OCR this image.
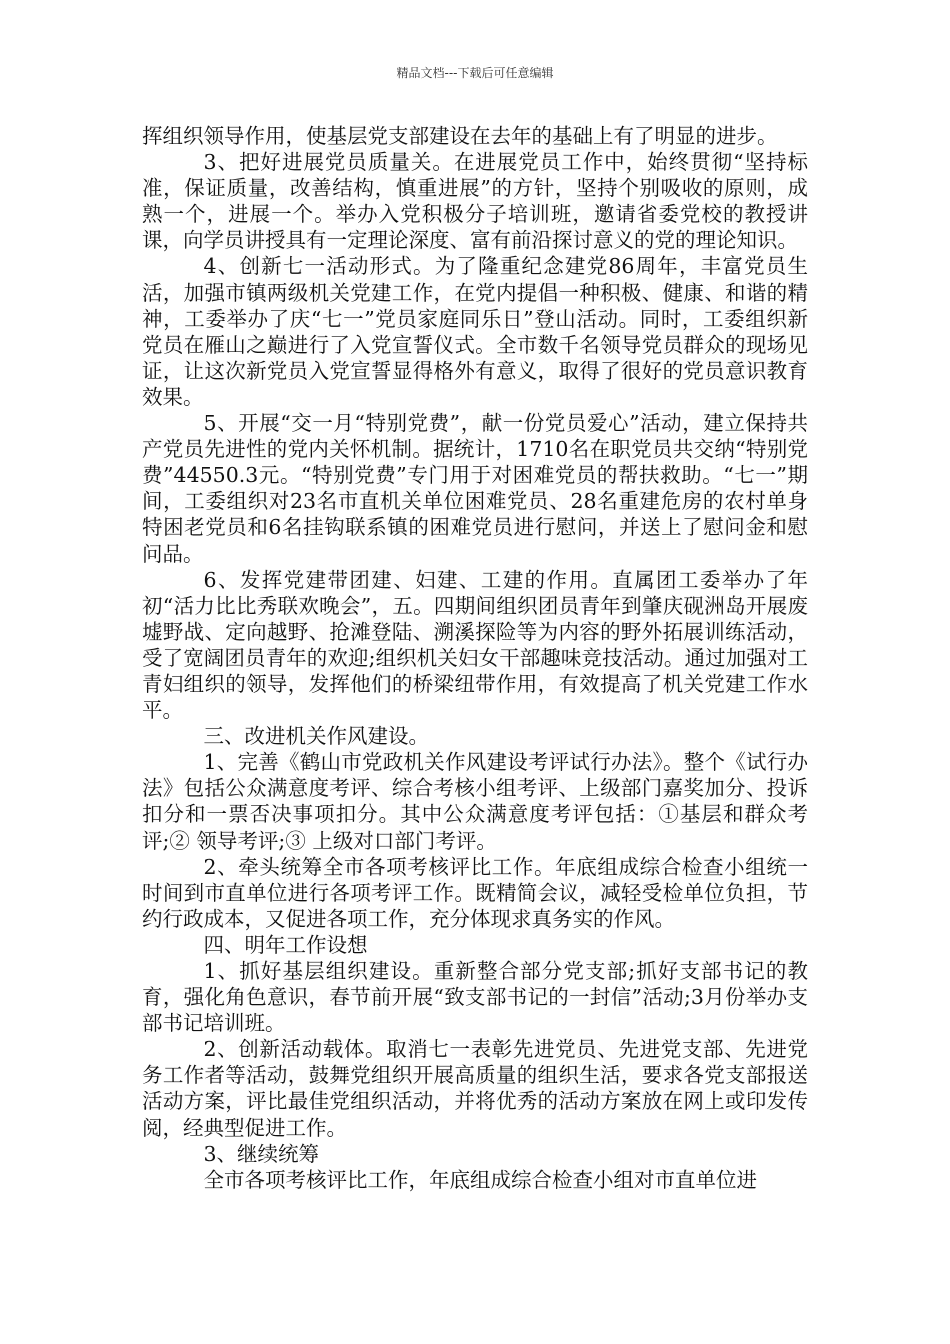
精品文档---下载后可任意编辑

挥组织领导作用，使基层党支部建设在去年的基础上有了明显的进步。

3、把好进展党员质量关。在进展党员工作中，始终贯彻“坚持标准，保证质量，改善结构，慎重进展”的方针，坚持个别吸收的原则，成熟一个，进展一个。举办入党积极分子培训班，邀请省委党校的教授讲课，向学员讲授具有一定理论深度、富有前沿探讨意义的党的理论知识。

4、创新七一活动形式。为了隆重纪念建党86周年，丰富党员生活，加强市镇两级机关党建工作，在党内提倡一种积极、健康、和谐的精神，工委举办了庆“七一”党员家庭同乐日”登山活动。同时，工委组织新党员在雁山之巅进行了入党宣誓仪式。全市数千名领导党员群众的现场见证，让这次新党员入党宣誓显得格外有意义，取得了很好的党员意识教育效果。

5、开展“交一月“特别党费”，献一份党员爱心”活动，建立保持共产党员先进性的党内关怀机制。据统计，1710名在职党员共交纳“特别党费”44550.3元。“特别党费”专门用于对困难党员的帮扶救助。“七一”期间，工委组织对23名市直机关单位困难党员、28名重建危房的农村单身特困老党员和6名挂钩联系镇的困难党员进行慰问，并送上了慰问金和慰问品。

6、发挥党建带团建、妇建、工建的作用。直属团工委举办了年初“活力比比秀联欢晚会”，五。四期间组织团员青年到肇庆砚洲岛开展废墟野战、定向越野、抢滩登陆、溯溪探险等为内容的野外拓展训练活动，受了宽阔团员青年的欢迎;组织机关妇女干部趣味竞技活动。通过加强对工青妇组织的领导，发挥他们的桥梁纽带作用，有效提高了机关党建工作水平。

三、改进机关作风建设。

1、完善《鹤山市党政机关作风建设考评试行办法》。整个《试行办法》包括公众满意度考评、综合考核小组考评、上级部门嘉奖加分、投诉扣分和一票否决事项扣分。其中公众满意度考评包括：①基层和群众考评;② 领导考评;③ 上级对口部门考评。

2、牵头统筹全市各项考核评比工作。年底组成综合检查小组统一时间到市直单位进行各项考评工作。既精简会议，减轻受检单位负担，节约行政成本，又促进各项工作，充分体现求真务实的作风。

四、明年工作设想

1、抓好基层组织建设。重新整合部分党支部;抓好支部书记的教育，强化角色意识，春节前开展“致支部书记的一封信”活动;3月份举办支部书记培训班。

2、创新活动载体。取消七一表彰先进党员、先进党支部、先进党务工作者等活动，鼓舞党组织开展高质量的组织生活，要求各党支部报送活动方案，评比最佳党组织活动，并将优秀的活动方案放在网上或印发传阅，经典型促进工作。

3、继续统筹

全市各项考核评比工作，年底组成综合检查小组对市直单位进
